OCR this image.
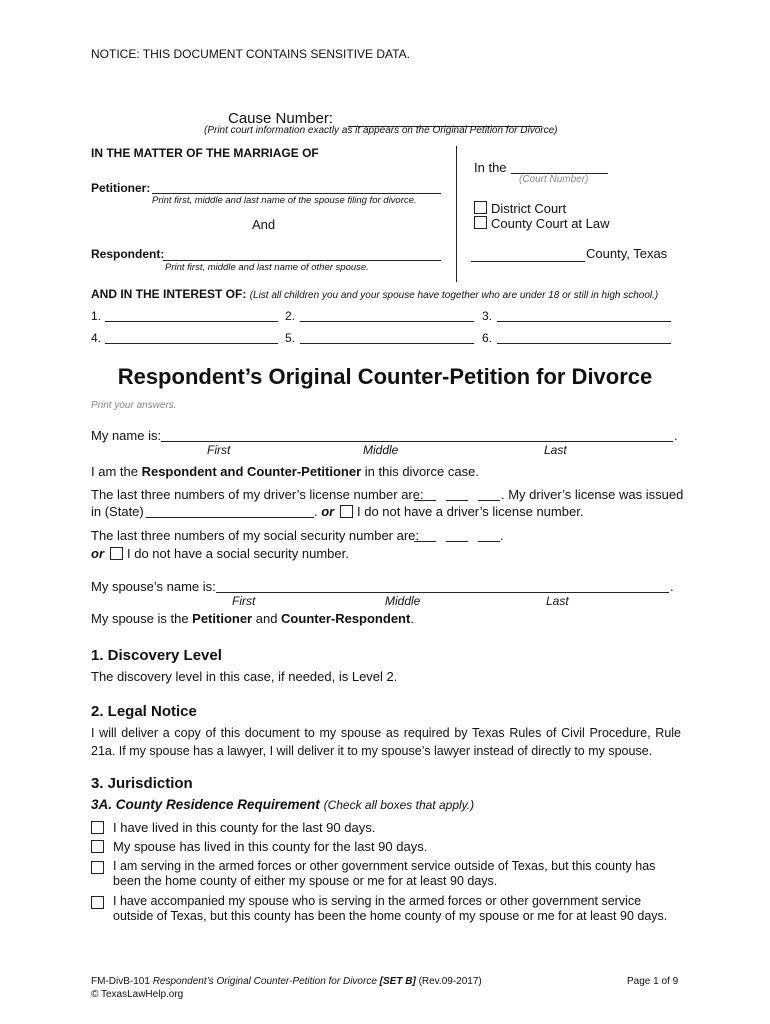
NOTICE: THIS DOCUMENT CONTAINS SENSITIVE DATA.
Cause Number:
(Print court information exactly as it appears on the Original Petition for Divorce)
IN THE MATTER OF THE MARRIAGE OF
Petitioner:
Print first, middle and last name of the spouse filing for divorce.
And
Respondent:
Print first, middle and last name of other spouse.
In the
(Court Number)
District Court
County Court at Law
County, Texas
AND IN THE INTEREST OF: (List all children you and your spouse have together who are under 18 or still in high school.)
1.	2.	3.
4.	5.	6.
Respondent’s Original Counter-Petition for Divorce
Print your answers.
My name is:	.
First	Middle	Last
I am the Respondent and Counter-Petitioner in this divorce case.
The last three numbers of my driver’s license number are:	. My driver’s license was issued
in (State)	. or I do not have a driver’s license number.
The last three numbers of my social security number are:	.
or I do not have a social security number.
My spouse’s name is:	.
First	Middle	Last
My spouse is the Petitioner and Counter-Respondent.
1. Discovery Level
The discovery level in this case, if needed, is Level 2.
2. Legal Notice
I will deliver a copy of this document to my spouse as required by Texas Rules of Civil Procedure, Rule 21a. If my spouse has a lawyer, I will deliver it to my spouse’s lawyer instead of directly to my spouse.
3. Jurisdiction
3A. County Residence Requirement (Check all boxes that apply.)
I have lived in this county for the last 90 days.
My spouse has lived in this county for the last 90 days.
I am serving in the armed forces or other government service outside of Texas, but this county has been the home county of either my spouse or me for at least 90 days.
I have accompanied my spouse who is serving in the armed forces or other government service outside of Texas, but this county has been the home county of my spouse or me for at least 90 days.
FM-DivB-101 Respondent’s Original Counter-Petition for Divorce [SET B] (Rev.09-2017)
© TexasLawHelp.org
Page 1 of 9
